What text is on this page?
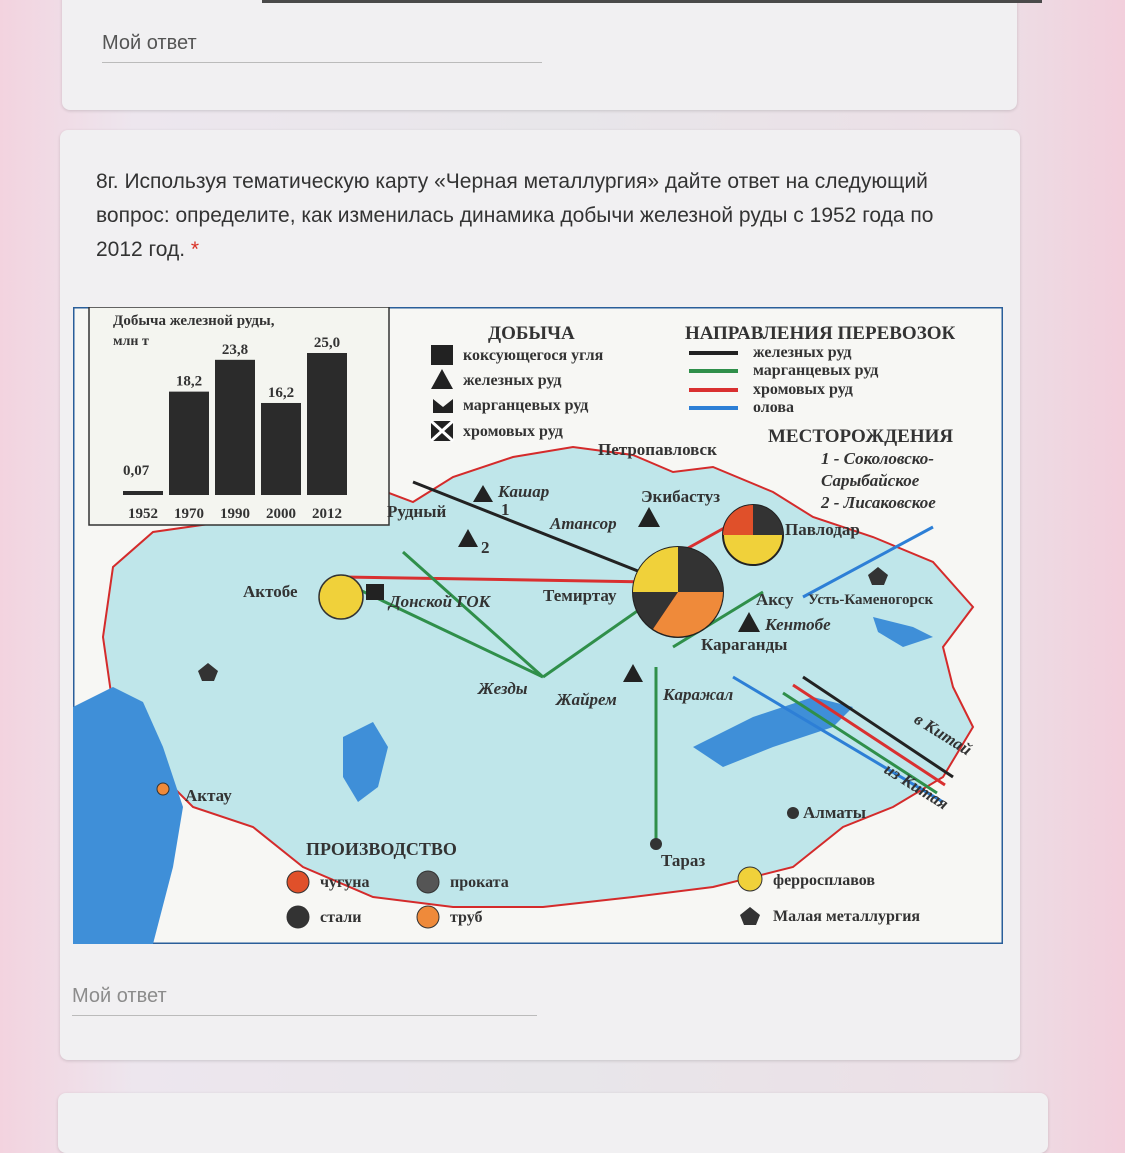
Мой ответ
8г. Используя тематическую карту «Черная металлургия» дайте ответ на следующий вопрос: определите, как изменилась динамика добычи железной руды с 1952 года по 2012 год. *
Мой ответ
Добыча железной руды,
млн т
0,07
1952
18,2
1970
23,8
1990
16,2
2000
25,0
2012
ДОБЫЧА
коксующегося угля
железных руд
марганцевых руд
хромовых руд
НАПРАВЛЕНИЯ ПЕРЕВОЗОК
железных руд
марганцевых руд
хромовых руд
олова
МЕСТОРОЖДЕНИЯ
1 - Соколовско-
Сарыбайское
2 - Лисаковское
Петропавловск
Кашар
1
Рудный
2
Экибастуз
Атансор	Павлодар
Актобе
Донской ГОК	Темиртау	Аксу Усть-Каменогорск
Кентобе
Караганды
Жезды
Жайрем	Каражал
в Китай
из Китая
Актау
Алматы
Тараз
ПРОИЗВОДСТВО
чугуна
стали
проката
труб
ферросплавов
Малая металлургия
